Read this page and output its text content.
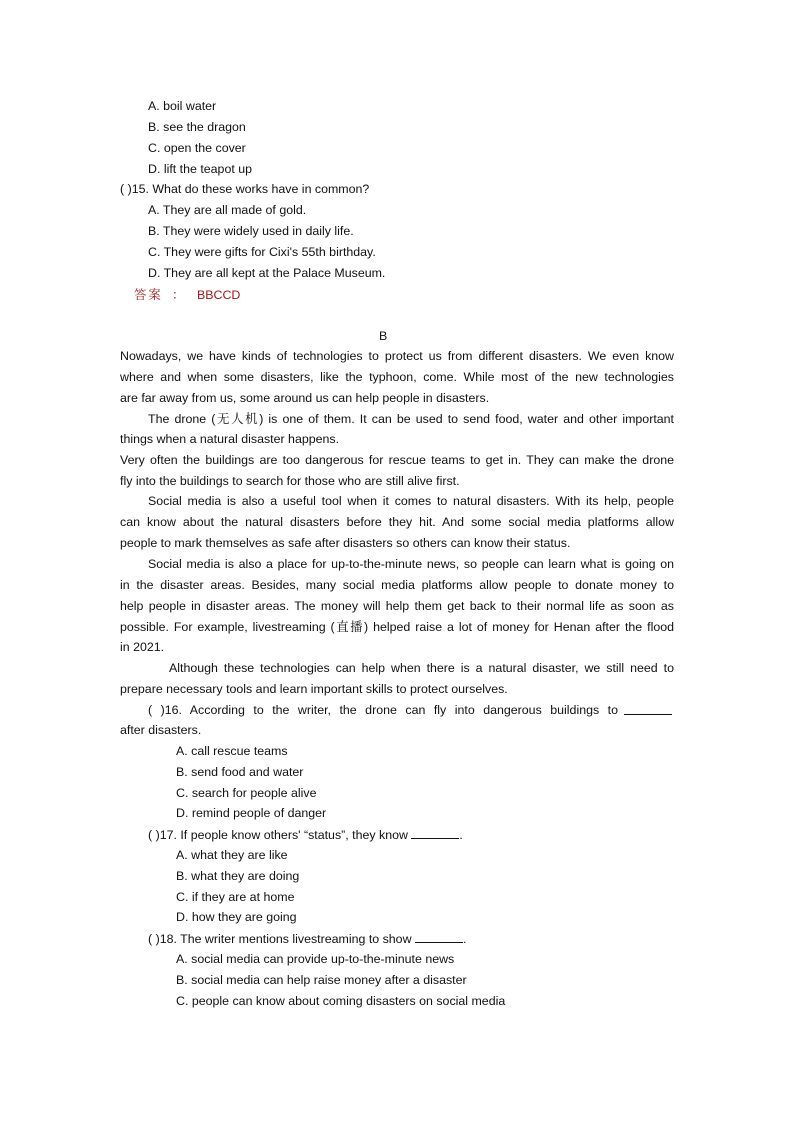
A. boil water
B. see the dragon
C. open the cover
D. lift the teapot up
( )15. What do these works have in common?
A. They are all made of gold.
B. They were widely used in daily life.
C. They were gifts for Cixi's 55th birthday.
D. They are all kept at the Palace Museum.
答案 ： BBCCD
B
Nowadays, we have kinds of technologies to protect us from different disasters. We even know
where and when some disasters, like the typhoon, come. While most of the new technologies
are far away from us, some around us can help people in disasters.
The drone (无人机) is one of them. It can be used to send food, water and other important
things when a natural disaster happens.
Very often the buildings are too dangerous for rescue teams to get in. They can make the drone
fly into the buildings to search for those who are still alive first.
Social media is also a useful tool when it comes to natural disasters. With its help, people
can know about the natural disasters before they hit. And some social media platforms allow
people to mark themselves as safe after disasters so others can know their status.
Social media is also a place for up-to-the-minute news, so people can learn what is going on
in the disaster areas. Besides, many social media platforms allow people to donate money to
help people in disaster areas. The money will help them get back to their normal life as soon as
possible. For example, livestreaming (直播) helped raise a lot of money for Henan after the flood
in 2021.
Although these technologies can help when there is a natural disaster, we still need to
prepare necessary tools and learn important skills to protect ourselves.
( )16. According to the writer, the drone can fly into dangerous buildings to
after disasters.
A. call rescue teams
B. send food and water
C. search for people alive
D. remind people of danger
( )17. If people know others' “status”, they know	.
A. what they are like
B. what they are doing
C. if they are at home
D. how they are going
( )18. The writer mentions livestreaming to show	.
A. social media can provide up-to-the-minute news
B. social media can help raise money after a disaster
C. people can know about coming disasters on social media
